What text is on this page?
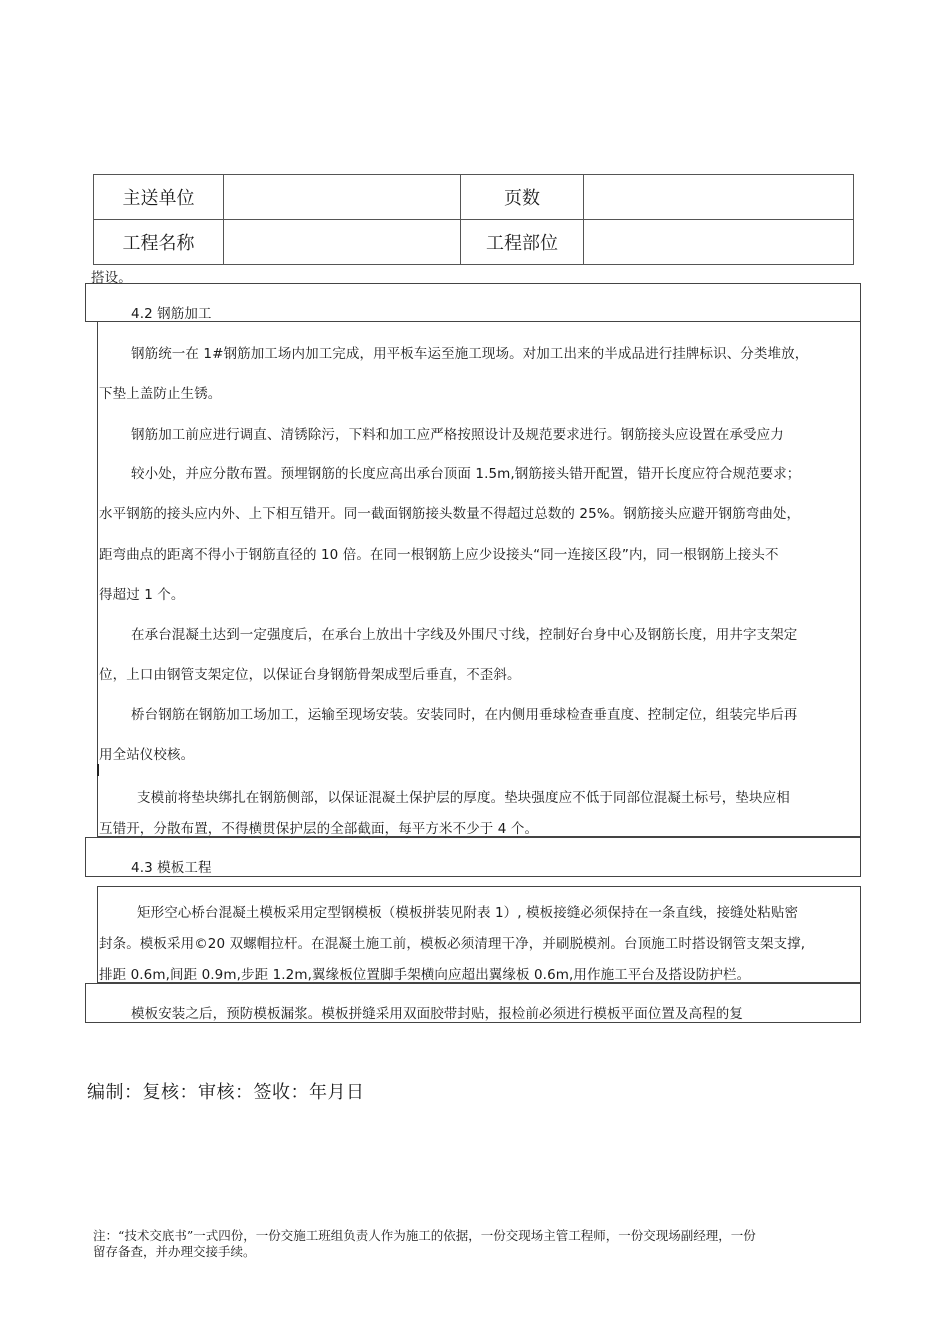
主送单位		页数	
工程名称		工程部位	
搭设。
4.2 钢筋加工
钢筋统一在 1#钢筋加工场内加工完成，用平板车运至施工现场。对加工出来的半成品进行挂牌标识、分类堆放，
下垫上盖防止生锈。
钢筋加工前应进行调直、清锈除污，下料和加工应严格按照设计及规范要求进行。钢筋接头应设置在承受应力
较小处，并应分散布置。预埋钢筋的长度应高出承台顶面 1.5m,钢筋接头错开配置，错开长度应符合规范要求；
水平钢筋的接头应内外、上下相互错开。同一截面钢筋接头数量不得超过总数的 25%。钢筋接头应避开钢筋弯曲处，
距弯曲点的距离不得小于钢筋直径的 10 倍。在同一根钢筋上应少设接头“同一连接区段”内，同一根钢筋上接头不
得超过 1 个。
在承台混凝土达到一定强度后，在承台上放出十字线及外围尺寸线，控制好台身中心及钢筋长度，用井字支架定
位，上口由钢管支架定位，以保证台身钢筋骨架成型后垂直，不歪斜。
桥台钢筋在钢筋加工场加工，运输至现场安装。安装同时，在内侧用垂球检查垂直度、控制定位，组装完毕后再
用全站仪校核。
支模前将垫块绑扎在钢筋侧部，以保证混凝土保护层的厚度。垫块强度应不低于同部位混凝土标号，垫块应相
互错开，分散布置，不得横贯保护层的全部截面，每平方米不少于 4 个。
4.3 模板工程
矩形空心桥台混凝土模板采用定型钢模板（模板拼装见附表 1）, 模板接缝必须保持在一条直线，接缝处粘贴密
封条。模板采用©20 双螺帽拉杆。在混凝土施工前，模板必须清理干净，并刷脱模剂。台顶施工时搭设钢管支架支撑,
排距 0.6m,间距 0.9m,步距 1.2m,翼缘板位置脚手架横向应超出翼缘板 0.6m,用作施工平台及搭设防护栏。
模板安装之后，预防模板漏浆。模板拼缝采用双面胶带封贴，报检前必须进行模板平面位置及高程的复
编制：复核：审核：签收：年月日
注：“技术交底书”一式四份，一份交施工班组负责人作为施工的依据，一份交现场主管工程师，一份交现场副经理，一份
留存备查，并办理交接手续。
